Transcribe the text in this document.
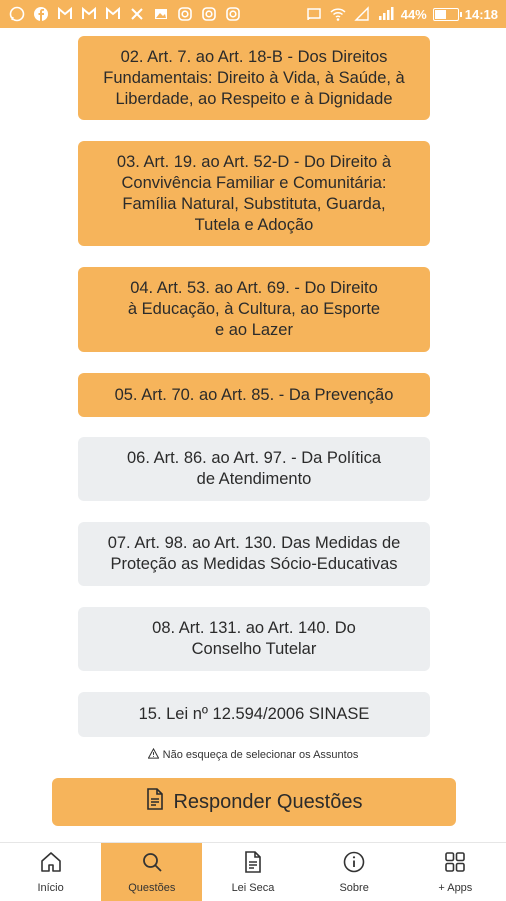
44%	14:18
02. Art. 7. ao Art. 18-B - Dos Direitos
Fundamentais: Direito à Vida, à Saúde, à
Liberdade, ao Respeito e à Dignidade
03. Art. 19. ao Art. 52-D - Do Direito à
Convivência Familiar e Comunitária:
Família Natural, Substituta, Guarda,
Tutela e Adoção
04. Art. 53. ao Art. 69. - Do Direito
à Educação, à Cultura, ao Esporte
e ao Lazer
05. Art. 70. ao Art. 85. - Da Prevenção
06. Art. 86. ao Art. 97. - Da Política
de Atendimento
07. Art. 98. ao Art. 130. Das Medidas de
Proteção as Medidas Sócio-Educativas
08. Art. 131. ao Art. 140. Do
Conselho Tutelar
15. Lei nº 12.594/2006 SINASE
Não esqueça de selecionar os Assuntos
Responder Questões
Início	Questões	Lei Seca	Sobre	+ Apps
